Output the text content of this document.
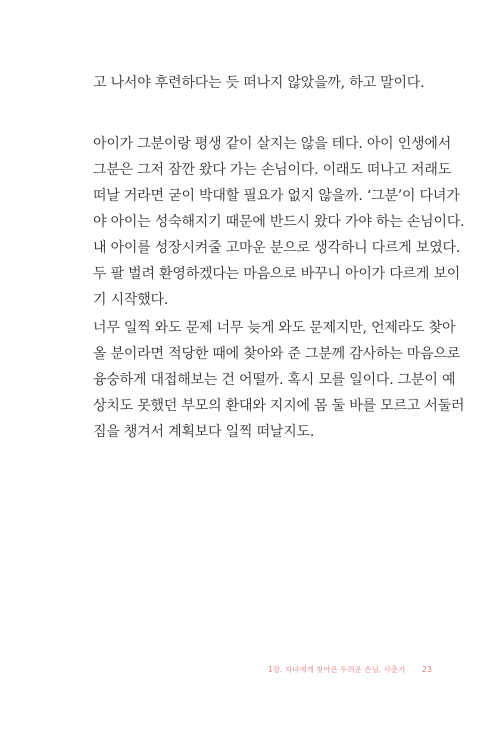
고 나서야 후련하다는 듯 떠나지 않았을까, 하고 말이다.
아이가 그분이랑 평생 같이 살지는 않을 테다. 아이 인생에서
그분은 그저 잠깐 왔다 가는 손님이다. 이래도 떠나고 저래도
떠날 거라면 굳이 박대할 필요가 없지 않을까. ‘그분’이 다녀가
야 아이는 성숙해지기 때문에 반드시 왔다 가야 하는 손님이다.
내 아이를 성장시켜줄 고마운 분으로 생각하니 다르게 보였다.
두 팔 벌려 환영하겠다는 마음으로 바꾸니 아이가 다르게 보이
기 시작했다.
너무 일찍 와도 문제 너무 늦게 와도 문제지만, 언제라도 찾아
올 분이라면 적당한 때에 찾아와 준 그분께 감사하는 마음으로
융숭하게 대접해보는 건 어떨까. 혹시 모를 일이다. 그분이 예
상치도 못했던 부모의 환대와 지지에 몸 둘 바를 모르고 서둘러
짐을 챙겨서 계획보다 일찍 떠날지도.
1장. 자녀에게 찾아온 두려운 손님, 사춘기 23
